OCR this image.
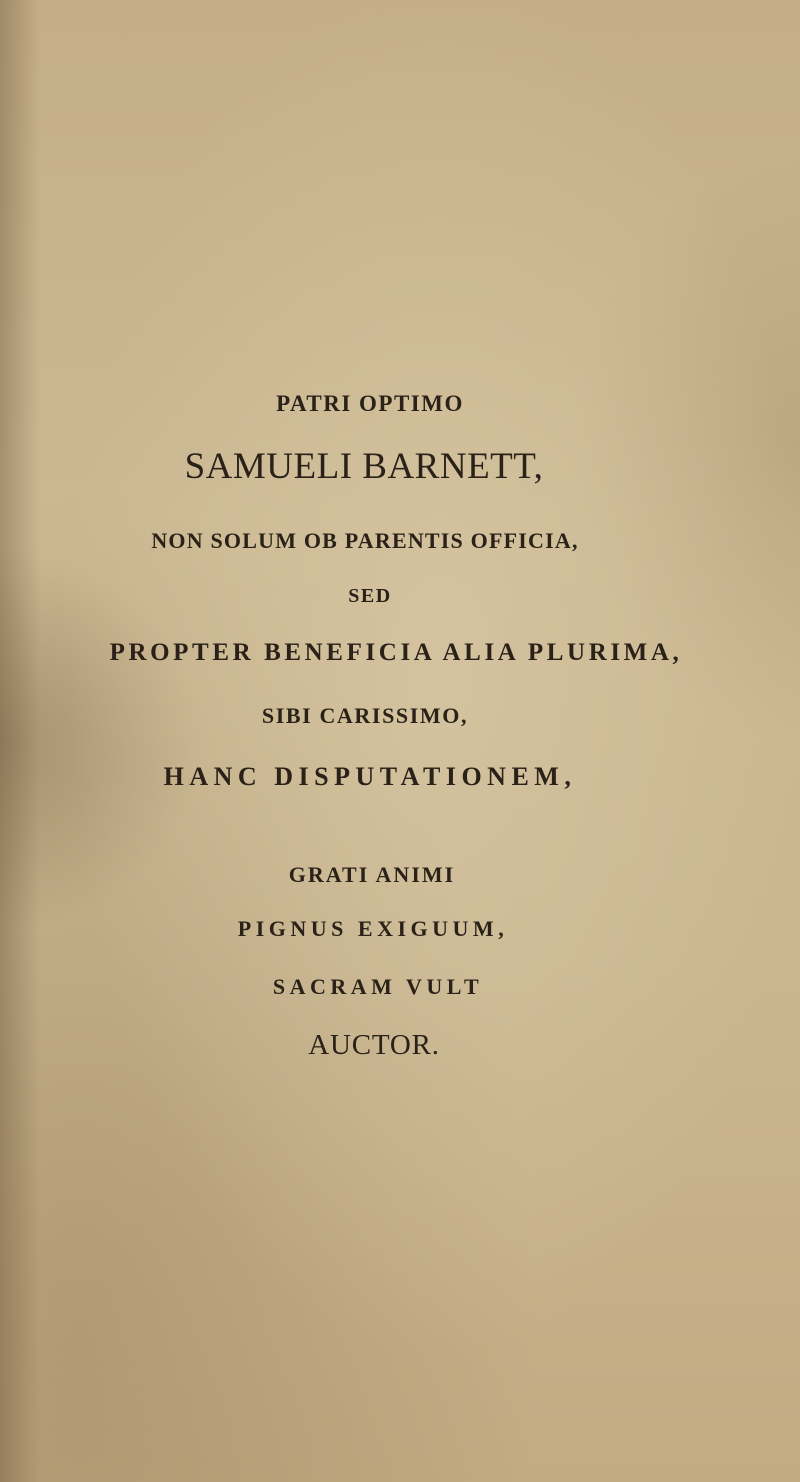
PATRI OPTIMO
SAMUELI BARNETT,
NON SOLUM OB PARENTIS OFFICIA,
SED
PROPTER BENEFICIA ALIA PLURIMA,
SIBI CARISSIMO,
HANC DISPUTATIONEM,
GRATI ANIMI
PIGNUS EXIGUUM,
SACRAM VULT
AUCTOR.
